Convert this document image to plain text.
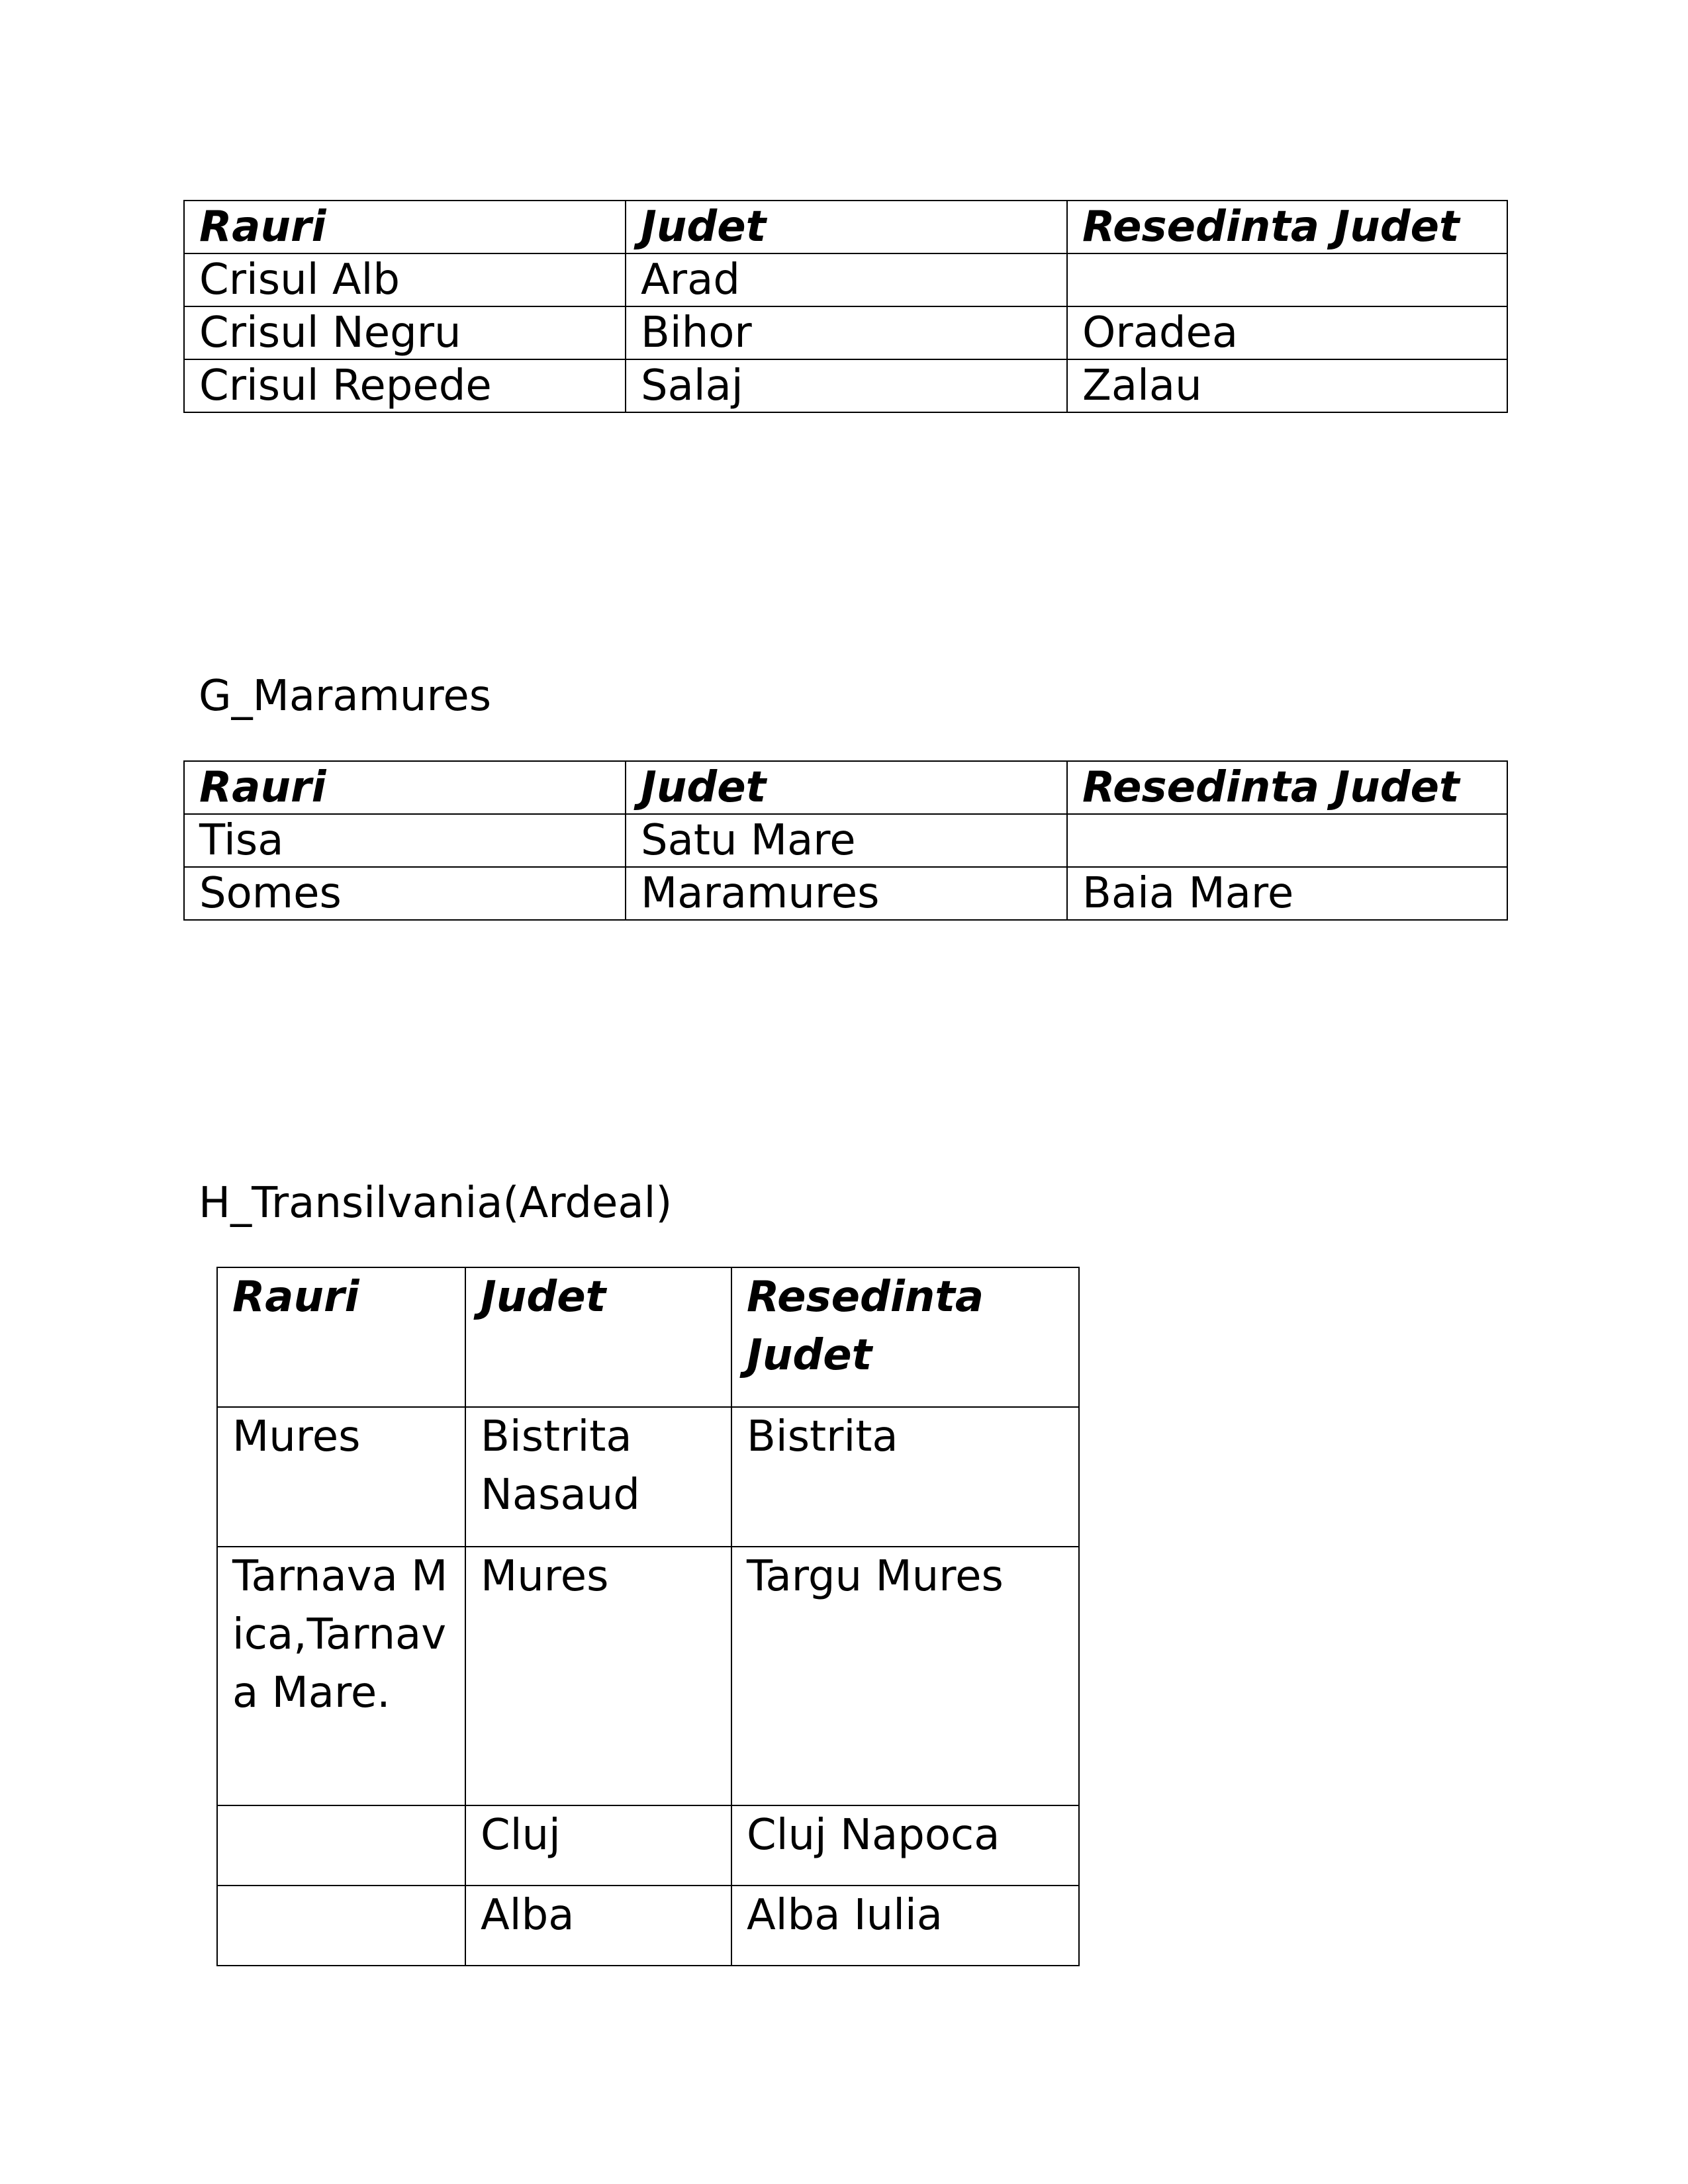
Rauri	Judet	Resedinta Judet
Crisul Alb	Arad	
Crisul Negru	Bihor	Oradea
Crisul Repede	Salaj	Zalau
G_Maramures
Rauri	Judet	Resedinta Judet
Tisa	Satu Mare	
Somes	Maramures	Baia Mare
H_Transilvania(Ardeal)
Rauri	Judet	Resedinta Judet
Mures	Bistrita Nasaud	Bistrita
Tarnava Mica,Tarnava Mare.	Mures	Targu Mures
	Cluj	Cluj Napoca
	Alba	Alba Iulia
